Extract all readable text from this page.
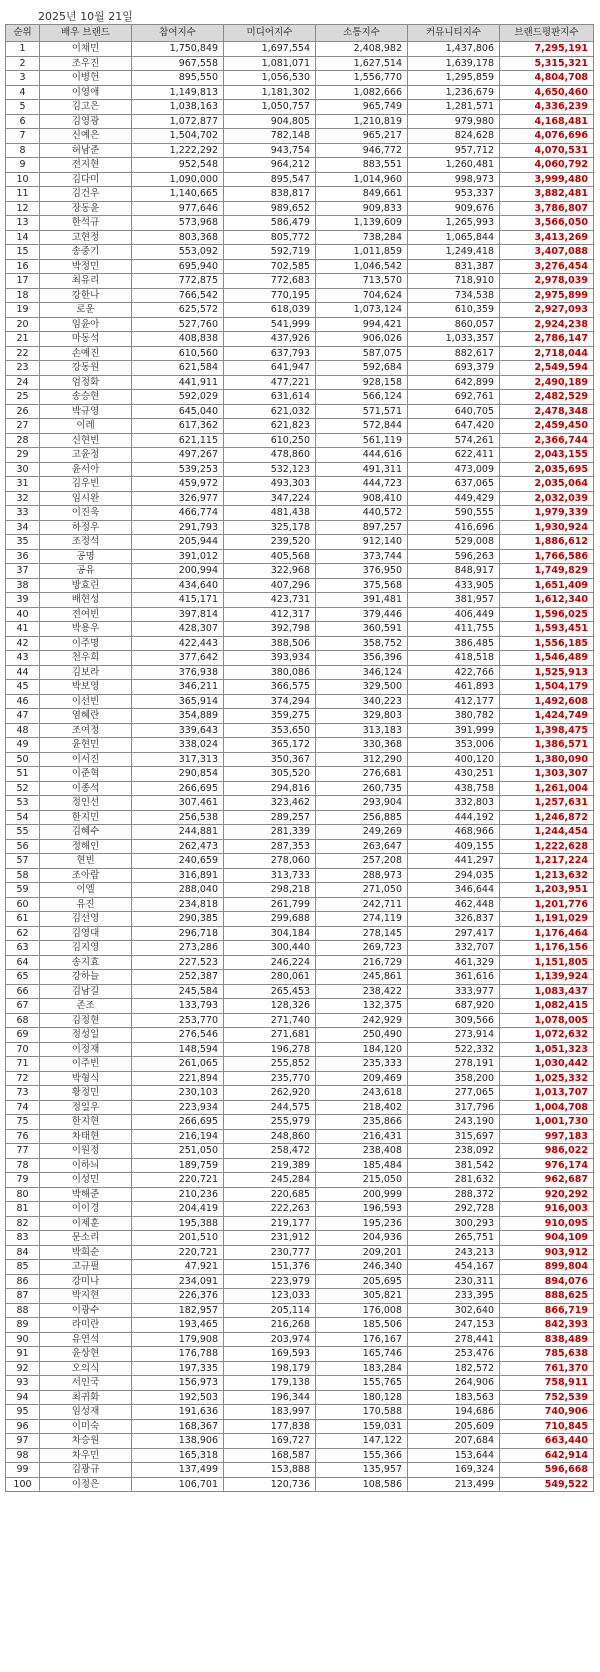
2025년 10월 21일
순위	배우 브랜드	참여지수	미디어지수	소통지수	커뮤니티지수	브랜드평판지수
1	이채민	1,750,849	1,697,554	2,408,982	1,437,806	7,295,191
2	조우진	967,558	1,081,071	1,627,514	1,639,178	5,315,321
3	이병헌	895,550	1,056,530	1,556,770	1,295,859	4,804,708
4	이영애	1,149,813	1,181,302	1,082,666	1,236,679	4,650,460
5	김고은	1,038,163	1,050,757	965,749	1,281,571	4,336,239
6	김영광	1,072,877	904,805	1,210,819	979,980	4,168,481
7	신예은	1,504,702	782,148	965,217	824,628	4,076,696
8	허남준	1,222,292	943,754	946,772	957,712	4,070,531
9	전지현	952,548	964,212	883,551	1,260,481	4,060,792
10	김다미	1,090,000	895,547	1,014,960	998,973	3,999,480
11	김건우	1,140,665	838,817	849,661	953,337	3,882,481
12	장동윤	977,646	989,652	909,833	909,676	3,786,807
13	한석규	573,968	586,479	1,139,609	1,265,993	3,566,050
14	고현정	803,368	805,772	738,284	1,065,844	3,413,269
15	송중기	553,092	592,719	1,011,859	1,249,418	3,407,088
16	박정민	695,940	702,585	1,046,542	831,387	3,276,454
17	최유리	772,875	772,683	713,570	718,910	2,978,039
18	강한나	766,542	770,195	704,624	734,538	2,975,899
19	로운	625,572	618,039	1,073,124	610,359	2,927,093
20	임윤아	527,760	541,999	994,421	860,057	2,924,238
21	마동석	408,838	437,926	906,026	1,033,357	2,786,147
22	손예진	610,560	637,793	587,075	882,617	2,718,044
23	강동원	621,584	641,947	592,684	693,379	2,549,594
24	엄정화	441,911	477,221	928,158	642,899	2,490,189
25	송승현	592,029	631,614	566,124	692,761	2,482,529
26	박규영	645,040	621,032	571,571	640,705	2,478,348
27	이레	617,362	621,823	572,844	647,420	2,459,450
28	신현빈	621,115	610,250	561,119	574,261	2,366,744
29	고윤정	497,267	478,860	444,616	622,411	2,043,155
30	윤서아	539,253	532,123	491,311	473,009	2,035,695
31	김우빈	459,972	493,303	444,723	637,065	2,035,064
32	임시완	326,977	347,224	908,410	449,429	2,032,039
33	이진욱	466,774	481,438	440,572	590,555	1,979,339
34	하정우	291,793	325,178	897,257	416,696	1,930,924
35	조정석	205,944	239,520	912,140	529,008	1,886,612
36	공명	391,012	405,568	373,744	596,263	1,766,586
37	공유	200,994	322,968	376,950	848,917	1,749,829
38	방효린	434,640	407,296	375,568	433,905	1,651,409
39	배현성	415,171	423,731	391,481	381,957	1,612,340
40	전여빈	397,814	412,317	379,446	406,449	1,596,025
41	박용우	428,307	392,798	360,591	411,755	1,593,451
42	이주명	422,443	388,506	358,752	386,485	1,556,185
43	천우희	377,642	393,934	356,396	418,518	1,546,489
44	김보라	376,938	380,086	346,124	422,766	1,525,913
45	박보영	346,211	366,575	329,500	461,893	1,504,179
46	이선빈	365,914	374,294	340,223	412,177	1,492,608
47	염혜란	354,889	359,275	329,803	380,782	1,424,749
48	조여정	339,643	353,650	313,183	391,999	1,398,475
49	윤현민	338,024	365,172	330,368	353,006	1,386,571
50	이서진	317,313	350,367	312,290	400,120	1,380,090
51	이준혁	290,854	305,520	276,681	430,251	1,303,307
52	이종석	266,695	294,816	260,735	438,758	1,261,004
53	정인선	307,461	323,462	293,904	332,803	1,257,631
54	한지민	256,538	289,257	256,885	444,192	1,246,872
55	김혜수	244,881	281,339	249,269	468,966	1,244,454
56	정해인	262,473	287,353	263,647	409,155	1,222,628
57	현빈	240,659	278,060	257,208	441,297	1,217,224
58	조아람	316,891	313,733	288,973	294,035	1,213,632
59	이엘	288,040	298,218	271,050	346,644	1,203,951
60	유진	234,818	261,799	242,711	462,448	1,201,776
61	김선영	290,385	299,688	274,119	326,837	1,191,029
62	김영대	296,718	304,184	278,145	297,417	1,176,464
63	김지영	273,286	300,440	269,723	332,707	1,176,156
64	송지효	227,523	246,224	216,729	461,329	1,151,805
65	강하늘	252,387	280,061	245,861	361,616	1,139,924
66	김남길	245,584	265,453	238,422	333,977	1,083,437
67	존조	133,793	128,326	132,375	687,920	1,082,415
68	김정현	253,770	271,740	242,929	309,566	1,078,005
69	정성일	276,546	271,681	250,490	273,914	1,072,632
70	이정재	148,594	196,278	184,120	522,332	1,051,323
71	이주빈	261,065	255,852	235,333	278,191	1,030,442
72	박형식	221,894	235,770	209,469	358,200	1,025,332
73	황정민	230,103	262,920	243,618	277,065	1,013,707
74	정일우	223,934	244,575	218,402	317,796	1,004,708
75	한지현	266,695	255,979	235,866	243,190	1,001,730
76	차태현	216,194	248,860	216,431	315,697	997,183
77	이원정	251,050	258,472	238,408	238,092	986,022
78	이하늬	189,759	219,389	185,484	381,542	976,174
79	이성민	220,721	245,284	215,050	281,632	962,687
80	박해준	210,236	220,685	200,999	288,372	920,292
81	이이경	204,419	222,263	196,593	292,728	916,003
82	이제훈	195,388	219,177	195,236	300,293	910,095
83	문소리	201,510	231,912	204,936	265,751	904,109
84	박희순	220,721	230,777	209,201	243,213	903,912
85	고규필	47,921	151,376	246,340	454,167	899,804
86	강미나	234,091	223,979	205,695	230,311	894,076
87	박지현	226,376	123,033	305,821	233,395	888,625
88	이광수	182,957	205,114	176,008	302,640	866,719
89	라미란	193,465	216,268	185,506	247,153	842,393
90	유연석	179,908	203,974	176,167	278,441	838,489
91	윤상현	176,788	169,593	165,746	253,476	785,638
92	오의식	197,335	198,179	183,284	182,572	761,370
93	서인국	156,973	179,138	155,765	264,906	758,911
94	최귀화	192,503	196,344	180,128	183,563	752,539
95	임성재	191,636	183,997	170,588	194,686	740,906
96	이미숙	168,367	177,838	159,031	205,609	710,845
97	차승원	138,906	169,727	147,122	207,684	663,440
98	차우민	165,318	168,587	155,366	153,644	642,914
99	김광규	137,499	153,888	135,957	169,324	596,668
100	이정은	106,701	120,736	108,586	213,499	549,522
